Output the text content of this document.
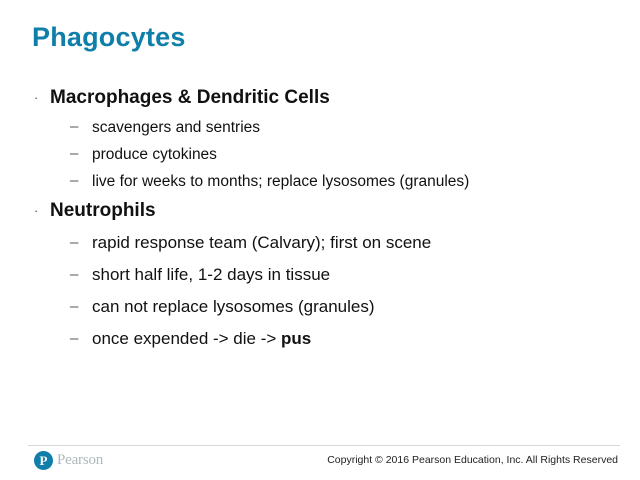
Phagocytes
· Macrophages & Dendritic Cells
– scavengers and sentries
– produce cytokines
– live for weeks to months; replace lysosomes (granules)
· Neutrophils
– rapid response team (Calvary); first on scene
– short half life, 1-2 days in tissue
– can not replace lysosomes (granules)
– once expended -> die -> pus
P Pearson	Copyright © 2016 Pearson Education, Inc. All Rights Reserved
